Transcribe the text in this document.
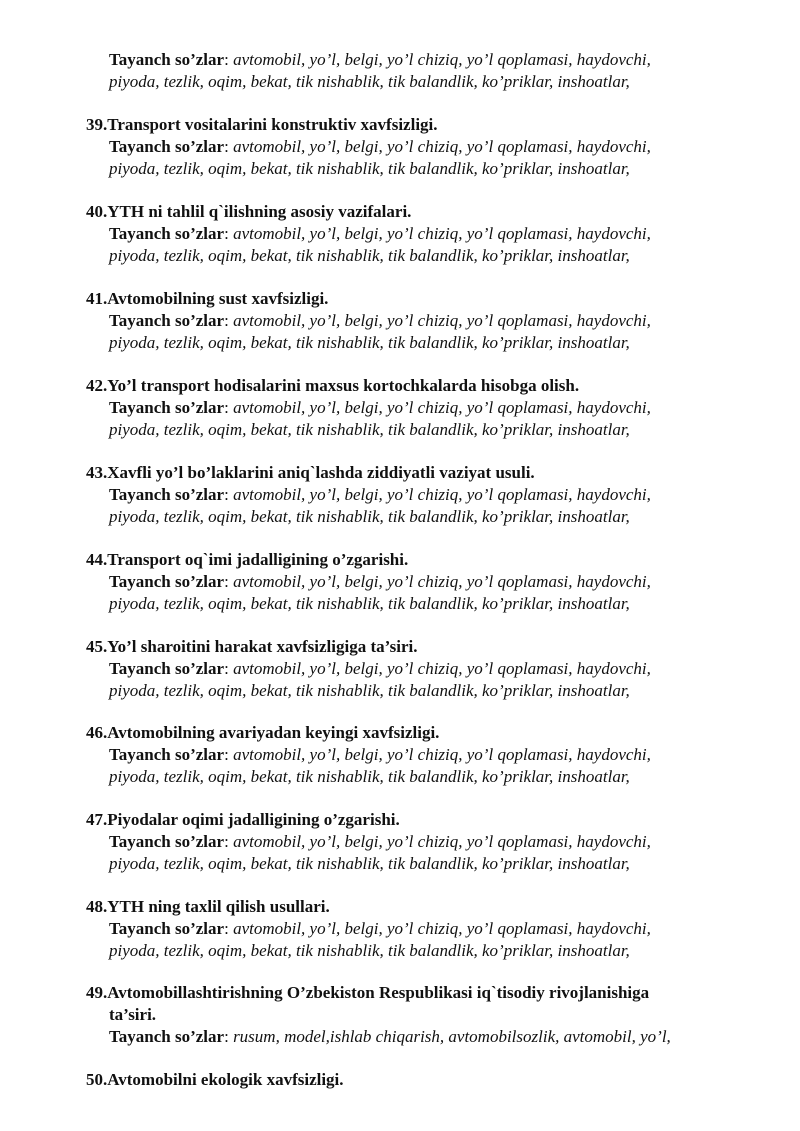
Tayanch so’zlar: avtomobil, yo’l, belgi, yo’l chiziq, yo’l qoplamasi, haydovchi,
piyoda, tezlik, oqim, bekat, tik nishablik, tik balandlik, ko’priklar, inshoatlar,
39.Transport vositalarini konstruktiv xavfsizligi.
Tayanch so’zlar: avtomobil, yo’l, belgi, yo’l chiziq, yo’l qoplamasi, haydovchi,
piyoda, tezlik, oqim, bekat, tik nishablik, tik balandlik, ko’priklar, inshoatlar,
40.YTH ni tahlil q`ilishning asosiy vazifalari.
Tayanch so’zlar: avtomobil, yo’l, belgi, yo’l chiziq, yo’l qoplamasi, haydovchi,
piyoda, tezlik, oqim, bekat, tik nishablik, tik balandlik, ko’priklar, inshoatlar,
41.Avtomobilning sust xavfsizligi.
Tayanch so’zlar: avtomobil, yo’l, belgi, yo’l chiziq, yo’l qoplamasi, haydovchi,
piyoda, tezlik, oqim, bekat, tik nishablik, tik balandlik, ko’priklar, inshoatlar,
42.Yo’l transport hodisalarini maxsus kortochkalarda hisobga olish.
Tayanch so’zlar: avtomobil, yo’l, belgi, yo’l chiziq, yo’l qoplamasi, haydovchi,
piyoda, tezlik, oqim, bekat, tik nishablik, tik balandlik, ko’priklar, inshoatlar,
43.Xavfli yo’l bo’laklarini aniq`lashda ziddiyatli vaziyat usuli.
Tayanch so’zlar: avtomobil, yo’l, belgi, yo’l chiziq, yo’l qoplamasi, haydovchi,
piyoda, tezlik, oqim, bekat, tik nishablik, tik balandlik, ko’priklar, inshoatlar,
44.Transport oq`imi jadalligining o’zgarishi.
Tayanch so’zlar: avtomobil, yo’l, belgi, yo’l chiziq, yo’l qoplamasi, haydovchi,
piyoda, tezlik, oqim, bekat, tik nishablik, tik balandlik, ko’priklar, inshoatlar,
45.Yo’l sharoitini harakat xavfsizligiga ta’siri.
Tayanch so’zlar: avtomobil, yo’l, belgi, yo’l chiziq, yo’l qoplamasi, haydovchi,
piyoda, tezlik, oqim, bekat, tik nishablik, tik balandlik, ko’priklar, inshoatlar,
46.Avtomobilning avariyadan keyingi xavfsizligi.
Tayanch so’zlar: avtomobil, yo’l, belgi, yo’l chiziq, yo’l qoplamasi, haydovchi,
piyoda, tezlik, oqim, bekat, tik nishablik, tik balandlik, ko’priklar, inshoatlar,
47.Piyodalar oqimi jadalligining o’zgarishi.
Tayanch so’zlar: avtomobil, yo’l, belgi, yo’l chiziq, yo’l qoplamasi, haydovchi,
piyoda, tezlik, oqim, bekat, tik nishablik, tik balandlik, ko’priklar, inshoatlar,
48.YTH ning taxlil qilish usullari.
Tayanch so’zlar: avtomobil, yo’l, belgi, yo’l chiziq, yo’l qoplamasi, haydovchi,
piyoda, tezlik, oqim, bekat, tik nishablik, tik balandlik, ko’priklar, inshoatlar,
49.Avtomobillashtirishning O’zbekiston Respublikasi iq`tisodiy rivojlanishiga
ta’siri.
Tayanch so’zlar: rusum, model,ishlab chiqarish, avtomobilsozlik, avtomobil, yo’l,
50.Avtomobilni ekologik xavfsizligi.
